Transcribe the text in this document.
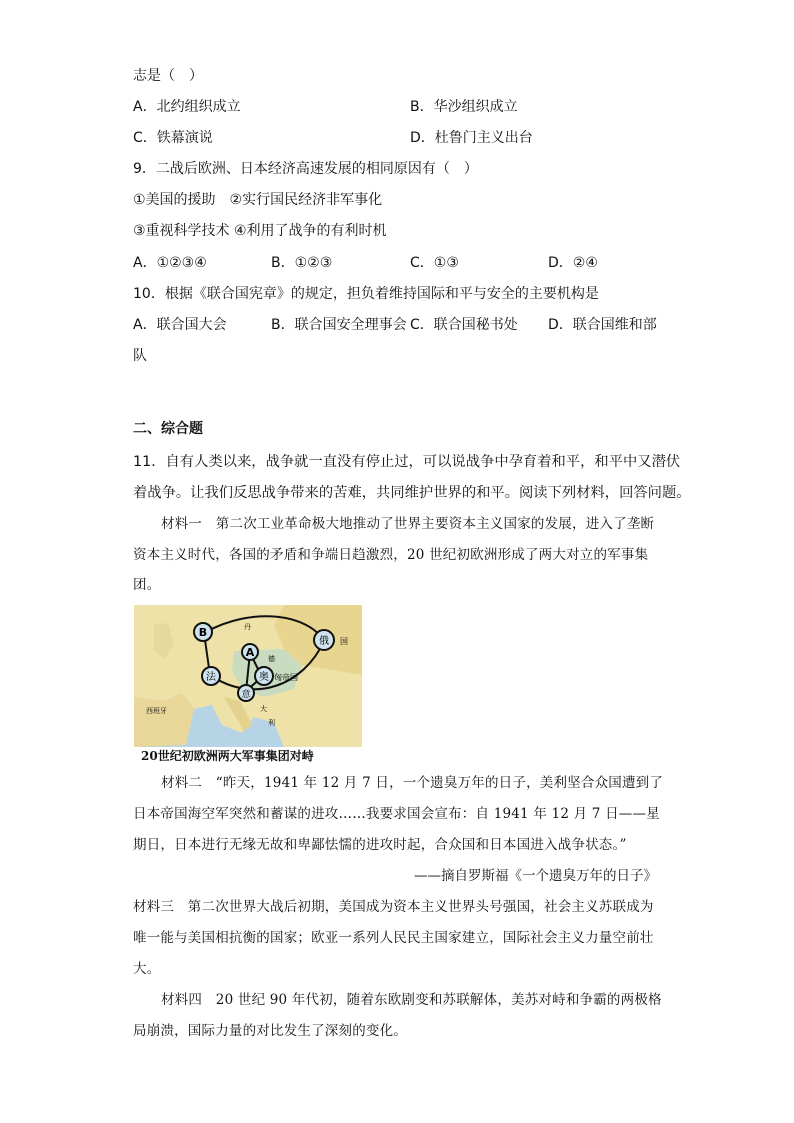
志是（　）
A．北约组织成立	B．华沙组织成立
C．铁幕演说	D．杜鲁门主义出台
9．二战后欧洲、日本经济高速发展的相同原因有（　）
①美国的援助　②实行国民经济非军事化
③重视科学技术 ④利用了战争的有利时机
A．①②③④	B．①②③	C．①③	D．②④
10．根据《联合国宪章》的规定，担负着维持国际和平与安全的主要机构是
A．联合国大会	B．联合国安全理事会 C．联合国秘书处 D．联合国维和部
队
二、综合题
11．自有人类以来，战争就一直没有停止过，可以说战争中孕育着和平，和平中又潜伏
着战争。让我们反思战争带来的苦难，共同维护世界的和平。阅读下列材料，回答问题。
材料一　第二次工业革命极大地推动了世界主要资本主义国家的发展，进入了垄断
资本主义时代，各国的矛盾和争端日趋激烈，20 世纪初欧洲形成了两大对立的军事集
团。
B
A
俄
法	奥
意
国
匈帝国
西班牙	大
利
丹
德
20世纪初欧洲两大军事集团对峙
材料二　“昨天，1941 年 12 月 7 日，一个遗臭万年的日子，美利坚合众国遭到了
日本帝国海空军突然和蓄谋的进攻……我要求国会宣布：自 1941 年 12 月 7 日——星
期日，日本进行无缘无故和卑鄙怯懦的进攻时起，合众国和日本国进入战争状态。”
——摘自罗斯福《一个遗臭万年的日子》
材料三　第二次世界大战后初期，美国成为资本主义世界头号强国，社会主义苏联成为
唯一能与美国相抗衡的国家；欧亚一系列人民民主国家建立，国际社会主义力量空前壮
大。
材料四　20 世纪 90 年代初，随着东欧剧变和苏联解体，美苏对峙和争霸的两极格
局崩溃，国际力量的对比发生了深刻的变化。
